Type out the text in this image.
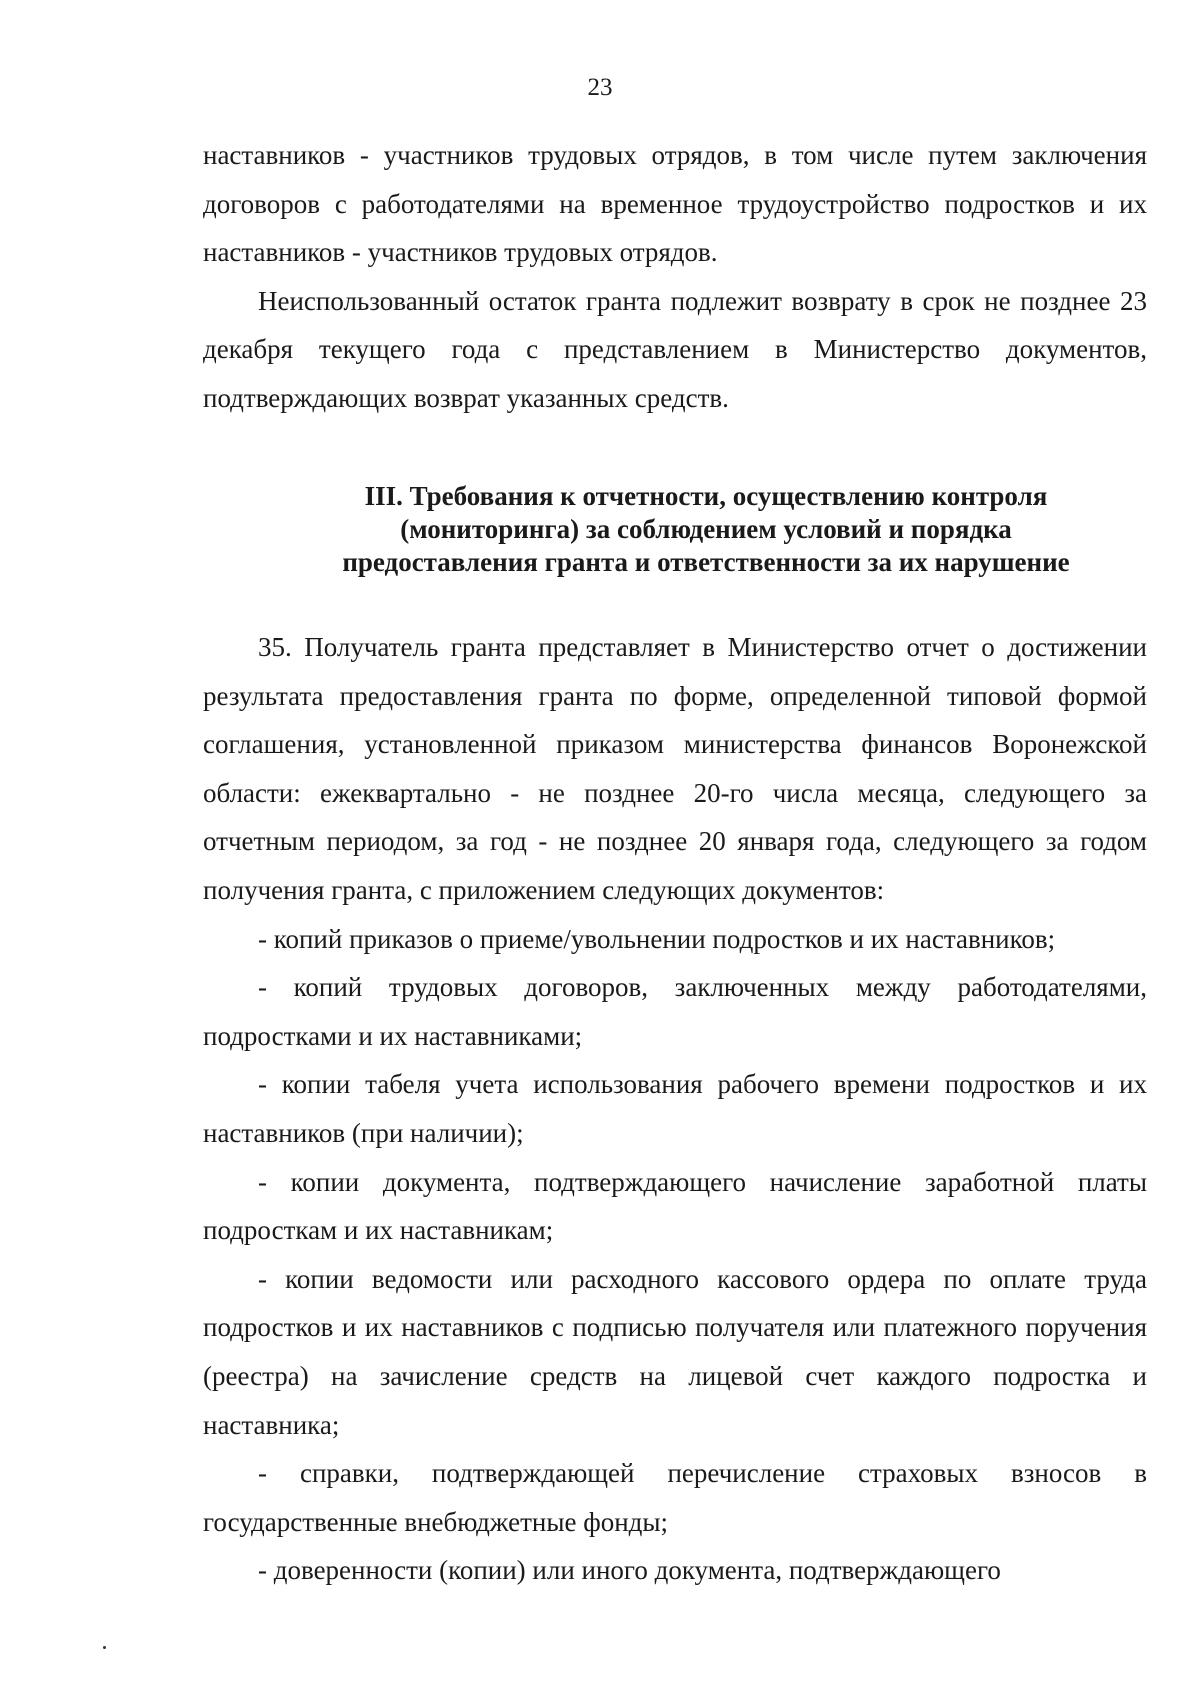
23

наставников - участников трудовых отрядов, в том числе путем заключения договоров с работодателями на временное трудоустройство подростков и их наставников - участников трудовых отрядов.

Неиспользованный остаток гранта подлежит возврату в срок не позднее 23 декабря текущего года с представлением в Министерство документов, подтверждающих возврат указанных средств.

III. Требования к отчетности, осуществлению контроля
(мониторинга) за соблюдением условий и порядка
предоставления гранта и ответственности за их нарушение

35. Получатель гранта представляет в Министерство отчет о достижении результата предоставления гранта по форме, определенной типовой формой соглашения, установленной приказом министерства финансов Воронежской области: ежеквартально - не позднее 20-го числа месяца, следующего за отчетным периодом, за год - не позднее 20 января года, следующего за годом получения гранта, с приложением следующих документов:

- копий приказов о приеме/увольнении подростков и их наставников;

- копий трудовых договоров, заключенных между работодателями, подростками и их наставниками;

- копии табеля учета использования рабочего времени подростков и их наставников (при наличии);

- копии документа, подтверждающего начисление заработной платы подросткам и их наставникам;

- копии ведомости или расходного кассового ордера по оплате труда подростков и их наставников с подписью получателя или платежного поручения (реестра) на зачисление средств на лицевой счет каждого подростка и наставника;

- справки, подтверждающей перечисление страховых взносов в государственные внебюджетные фонды;

- доверенности (копии) или иного документа, подтверждающего
